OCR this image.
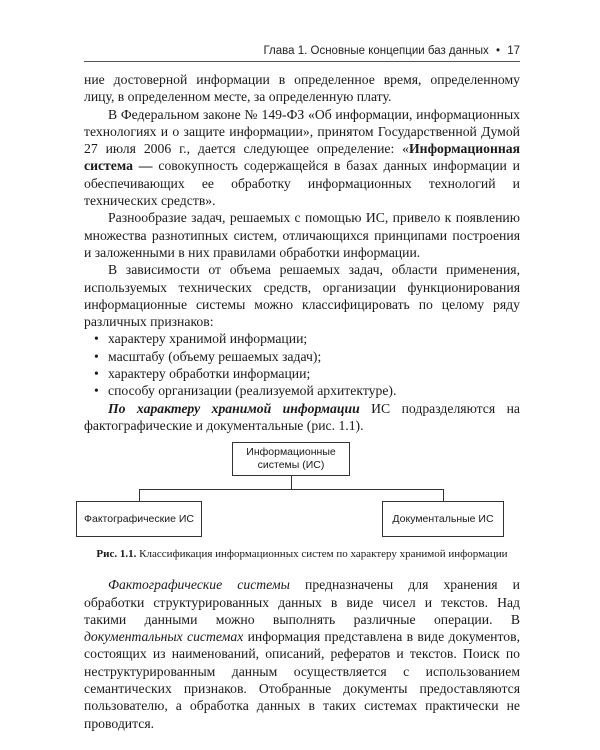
Глава 1. Основные концепции баз данных • 17

ние достоверной информации в определенное время, определенному лицу, в определенном месте, за определенную плату.

В Федеральном законе № 149-ФЗ «Об информации, информационных технологиях и о защите информации», принятом Государственной Думой 27 июля 2006 г., дается следующее определение: «Информационная система — совокупность содержащейся в базах данных информации и обеспечивающих ее обработку информационных технологий и технических средств».

Разнообразие задач, решаемых с помощью ИС, привело к появлению множества разнотипных систем, отличающихся принципами построения и заложенными в них правилами обработки информации.

В зависимости от объема решаемых задач, области применения, используемых технических средств, организации функционирования информационные системы можно классифицировать по целому ряду различных признаков:

• характеру хранимой информации;
• масштабу (объему решаемых задач);
• характеру обработки информации;
• способу организации (реализуемой архитектуре).

По характеру хранимой информации ИС подразделяются на фактографические и документальные (рис. 1.1).

Информационные системы (ИС)
Фактографические ИС	Документальные ИС
Рис. 1.1. Классификация информационных систем по характеру хранимой информации

Фактографические системы предназначены для хранения и обработки структурированных данных в виде чисел и текстов. Над такими данными можно выполнять различные операции. В документальных системах информация представлена в виде документов, состоящих из наименований, описаний, рефератов и текстов. Поиск по неструктурированным данным осуществляется с использованием семантических признаков. Отобранные документы предоставляются пользователю, а обработка данных в таких системах практически не проводится.
